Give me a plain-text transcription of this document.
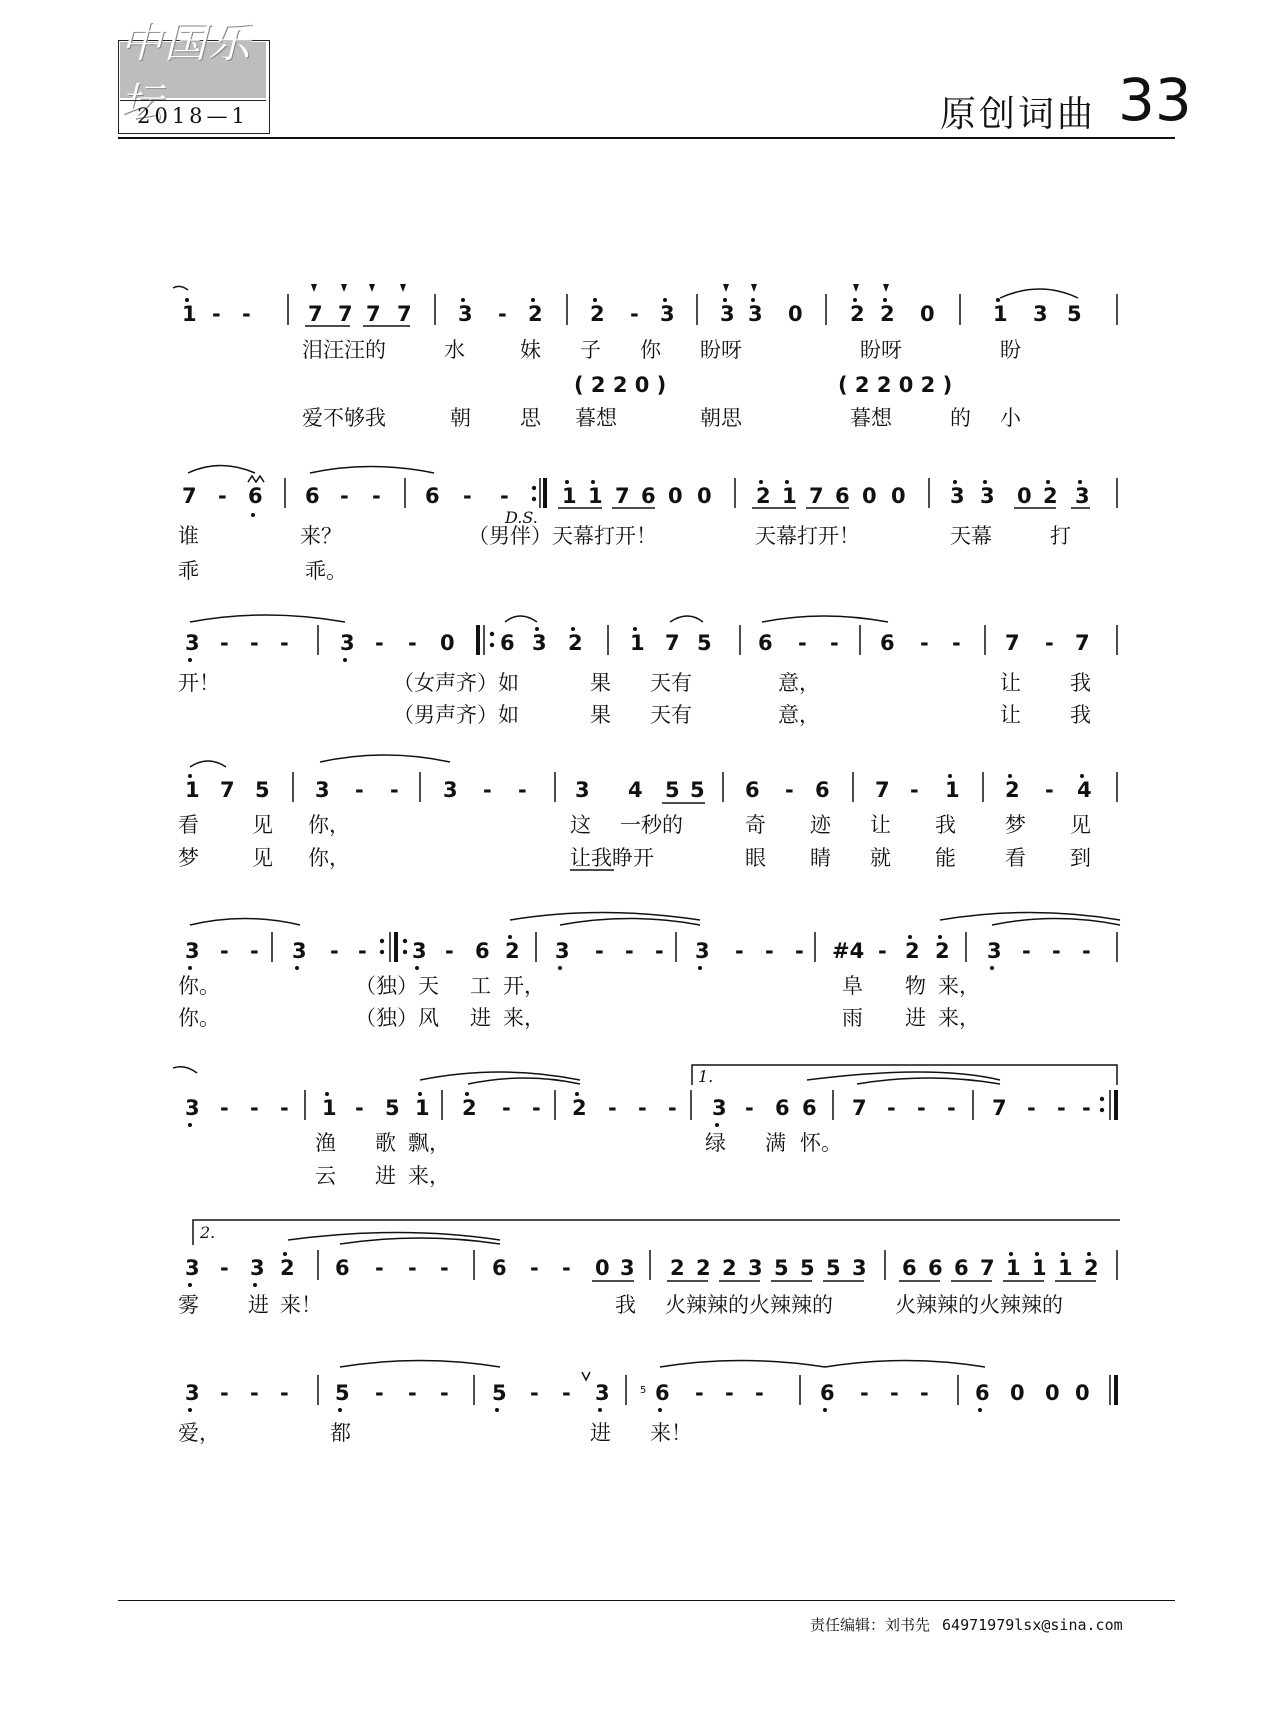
中国乐坛
2018—1	原创词曲 33
1 - -	7 7 7 7 3 - 2 2 - 3 3 3 0 2 2 0	1 3 5
泪汪汪的	水	妹 子 你 盼呀	盼呀	盼
( 2 2 0 )	( 2 2 0 2 )
爱不够我	朝 思 暮想	朝思	暮想	的 小
7 - 6 6 - - 6 - -	1 1 7 6 0 0 2 1 7 6 0 0 3 3 0 2 3
D.S.
谁	来？	（男伴）天幕打开！	天幕打开！	天幕	打
乖	乖。
3 - - - 3 - - 0 6 3 2 1 7 5 6 - - 6 - - 7 - 7
开！	（女声齐）如	果 天有	意，	让 我
（男声齐）如	果 天有	意，	让 我
1 7 5 3 - - 3 - - 3 4 5 5 6 - 6 7 - 1 2 - 4
看	见 你，	这 一秒的	奇 迹 让 我 梦 见
梦	见 你，	让我睁开	眼 睛 就 能 看 到
3 - - 3 - - 3 - 6 2 3 - - - 3 - - - #4 - 2 2 3 - - -
你。	（独）天 工 开，	阜 物 来，
你。	（独）风 进 来，	雨 进 来，
3 - - - 1 - 5 1 2 - - 2 - - - 3 - 6 6 7 - - - 7 - - -
1.
渔 歌 飘，	绿 满 怀。
云 进 来，
3 - 3 2 6 - - - 6 - - 0 3 2 2 2 3 5 5 5 3 6 6 6 7 1 1 1 2
2.
雾 进 来！	我 火辣辣的火辣辣的	火辣辣的火辣辣的
3 - - - 5 - - - 5 - - 3 6 - - -	6 - - - 6 0 0 0
5
爱，	都	进 来！
责任编辑：刘书先 64971979lsx@sina.com
